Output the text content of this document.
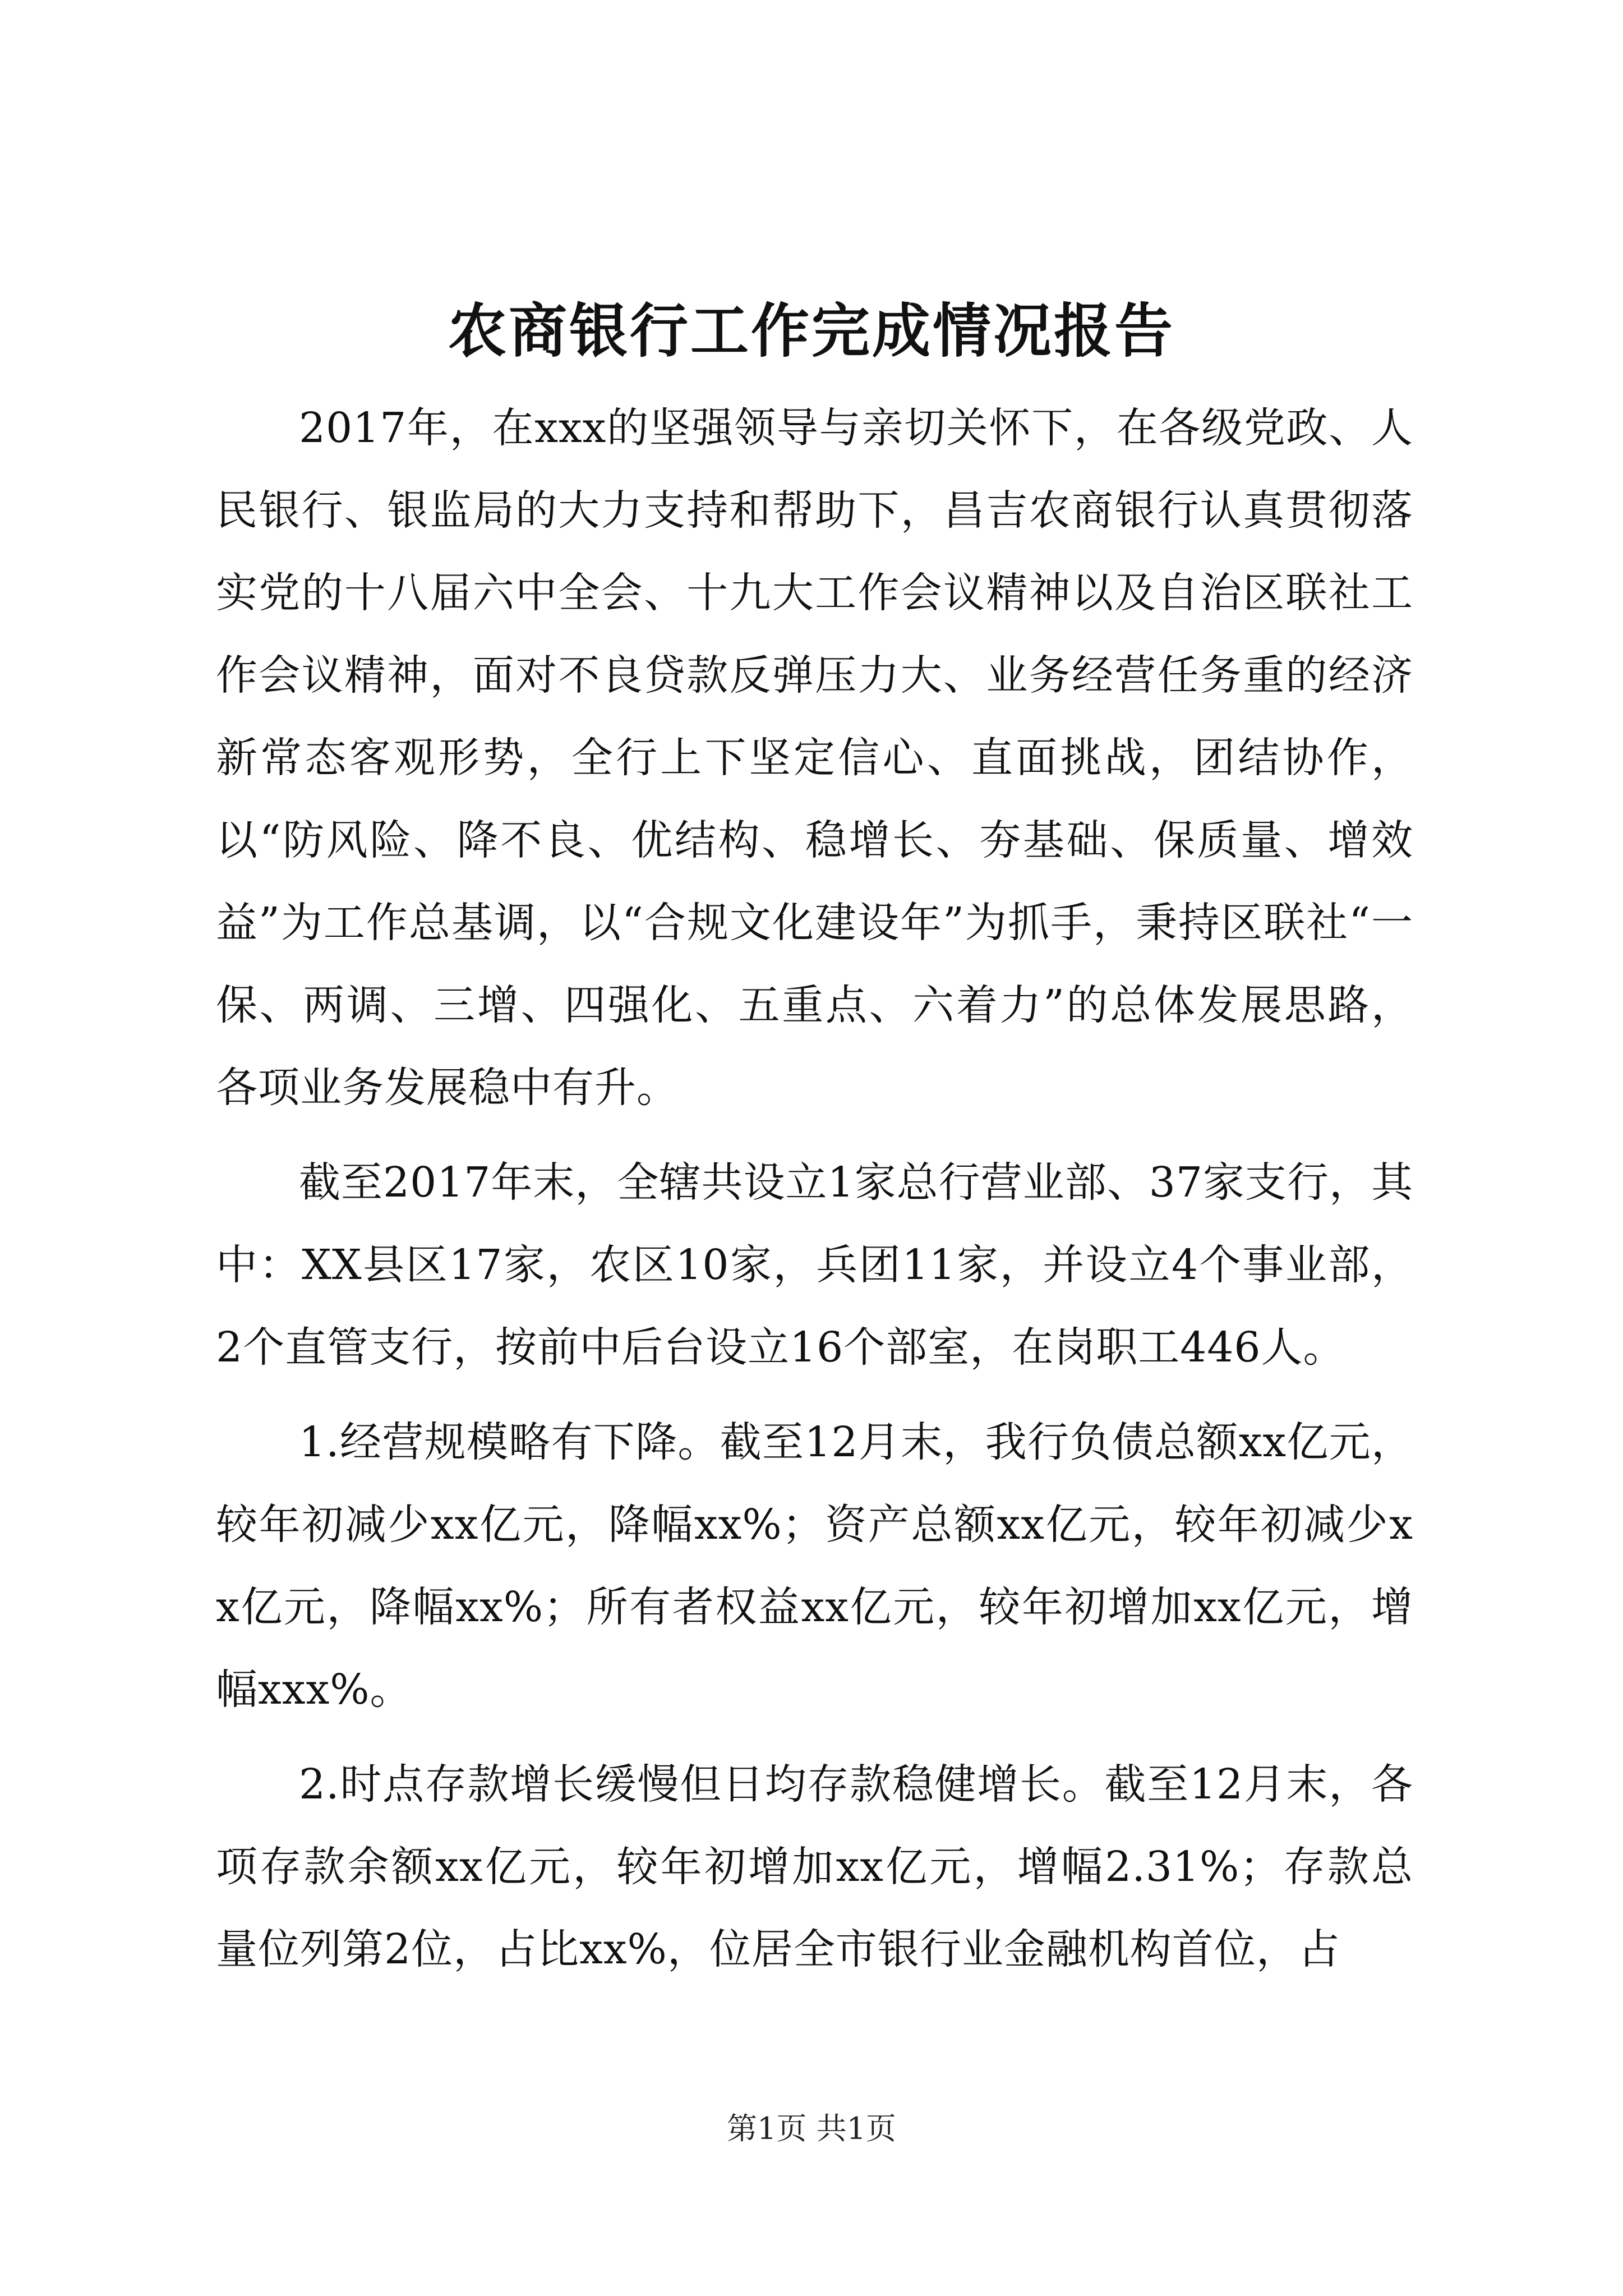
农商银行工作完成情况报告

2017年，在xxx的坚强领导与亲切关怀下，在各级党政、人民银行、银监局的大力支持和帮助下，昌吉农商银行认真贯彻落实党的十八届六中全会、十九大工作会议精神以及自治区联社工作会议精神，面对不良贷款反弹压力大、业务经营任务重的经济新常态客观形势，全行上下坚定信心、直面挑战，团结协作，以“防风险、降不良、优结构、稳增长、夯基础、保质量、增效益”为工作总基调，以“合规文化建设年”为抓手，秉持区联社“一保、两调、三增、四强化、五重点、六着力”的总体发展思路，各项业务发展稳中有升。

截至2017年末，全辖共设立1家总行营业部、37家支行，其中：XX县区17家，农区10家，兵团11家，并设立4个事业部，2个直管支行，按前中后台设立16个部室，在岗职工446人。

1.经营规模略有下降。截至12月末，我行负债总额xx亿元，较年初减少xx亿元，降幅xx%；资产总额xx亿元，较年初减少xx亿元，降幅xx%；所有者权益xx亿元，较年初增加xx亿元，增幅xxx%。

2.时点存款增长缓慢但日均存款稳健增长。截至12月末，各项存款余额xx亿元，较年初增加xx亿元，增幅2.31%；存款总量位列第2位，占比xx%，位居全市银行业金融机构首位，占

第1页 共1页
